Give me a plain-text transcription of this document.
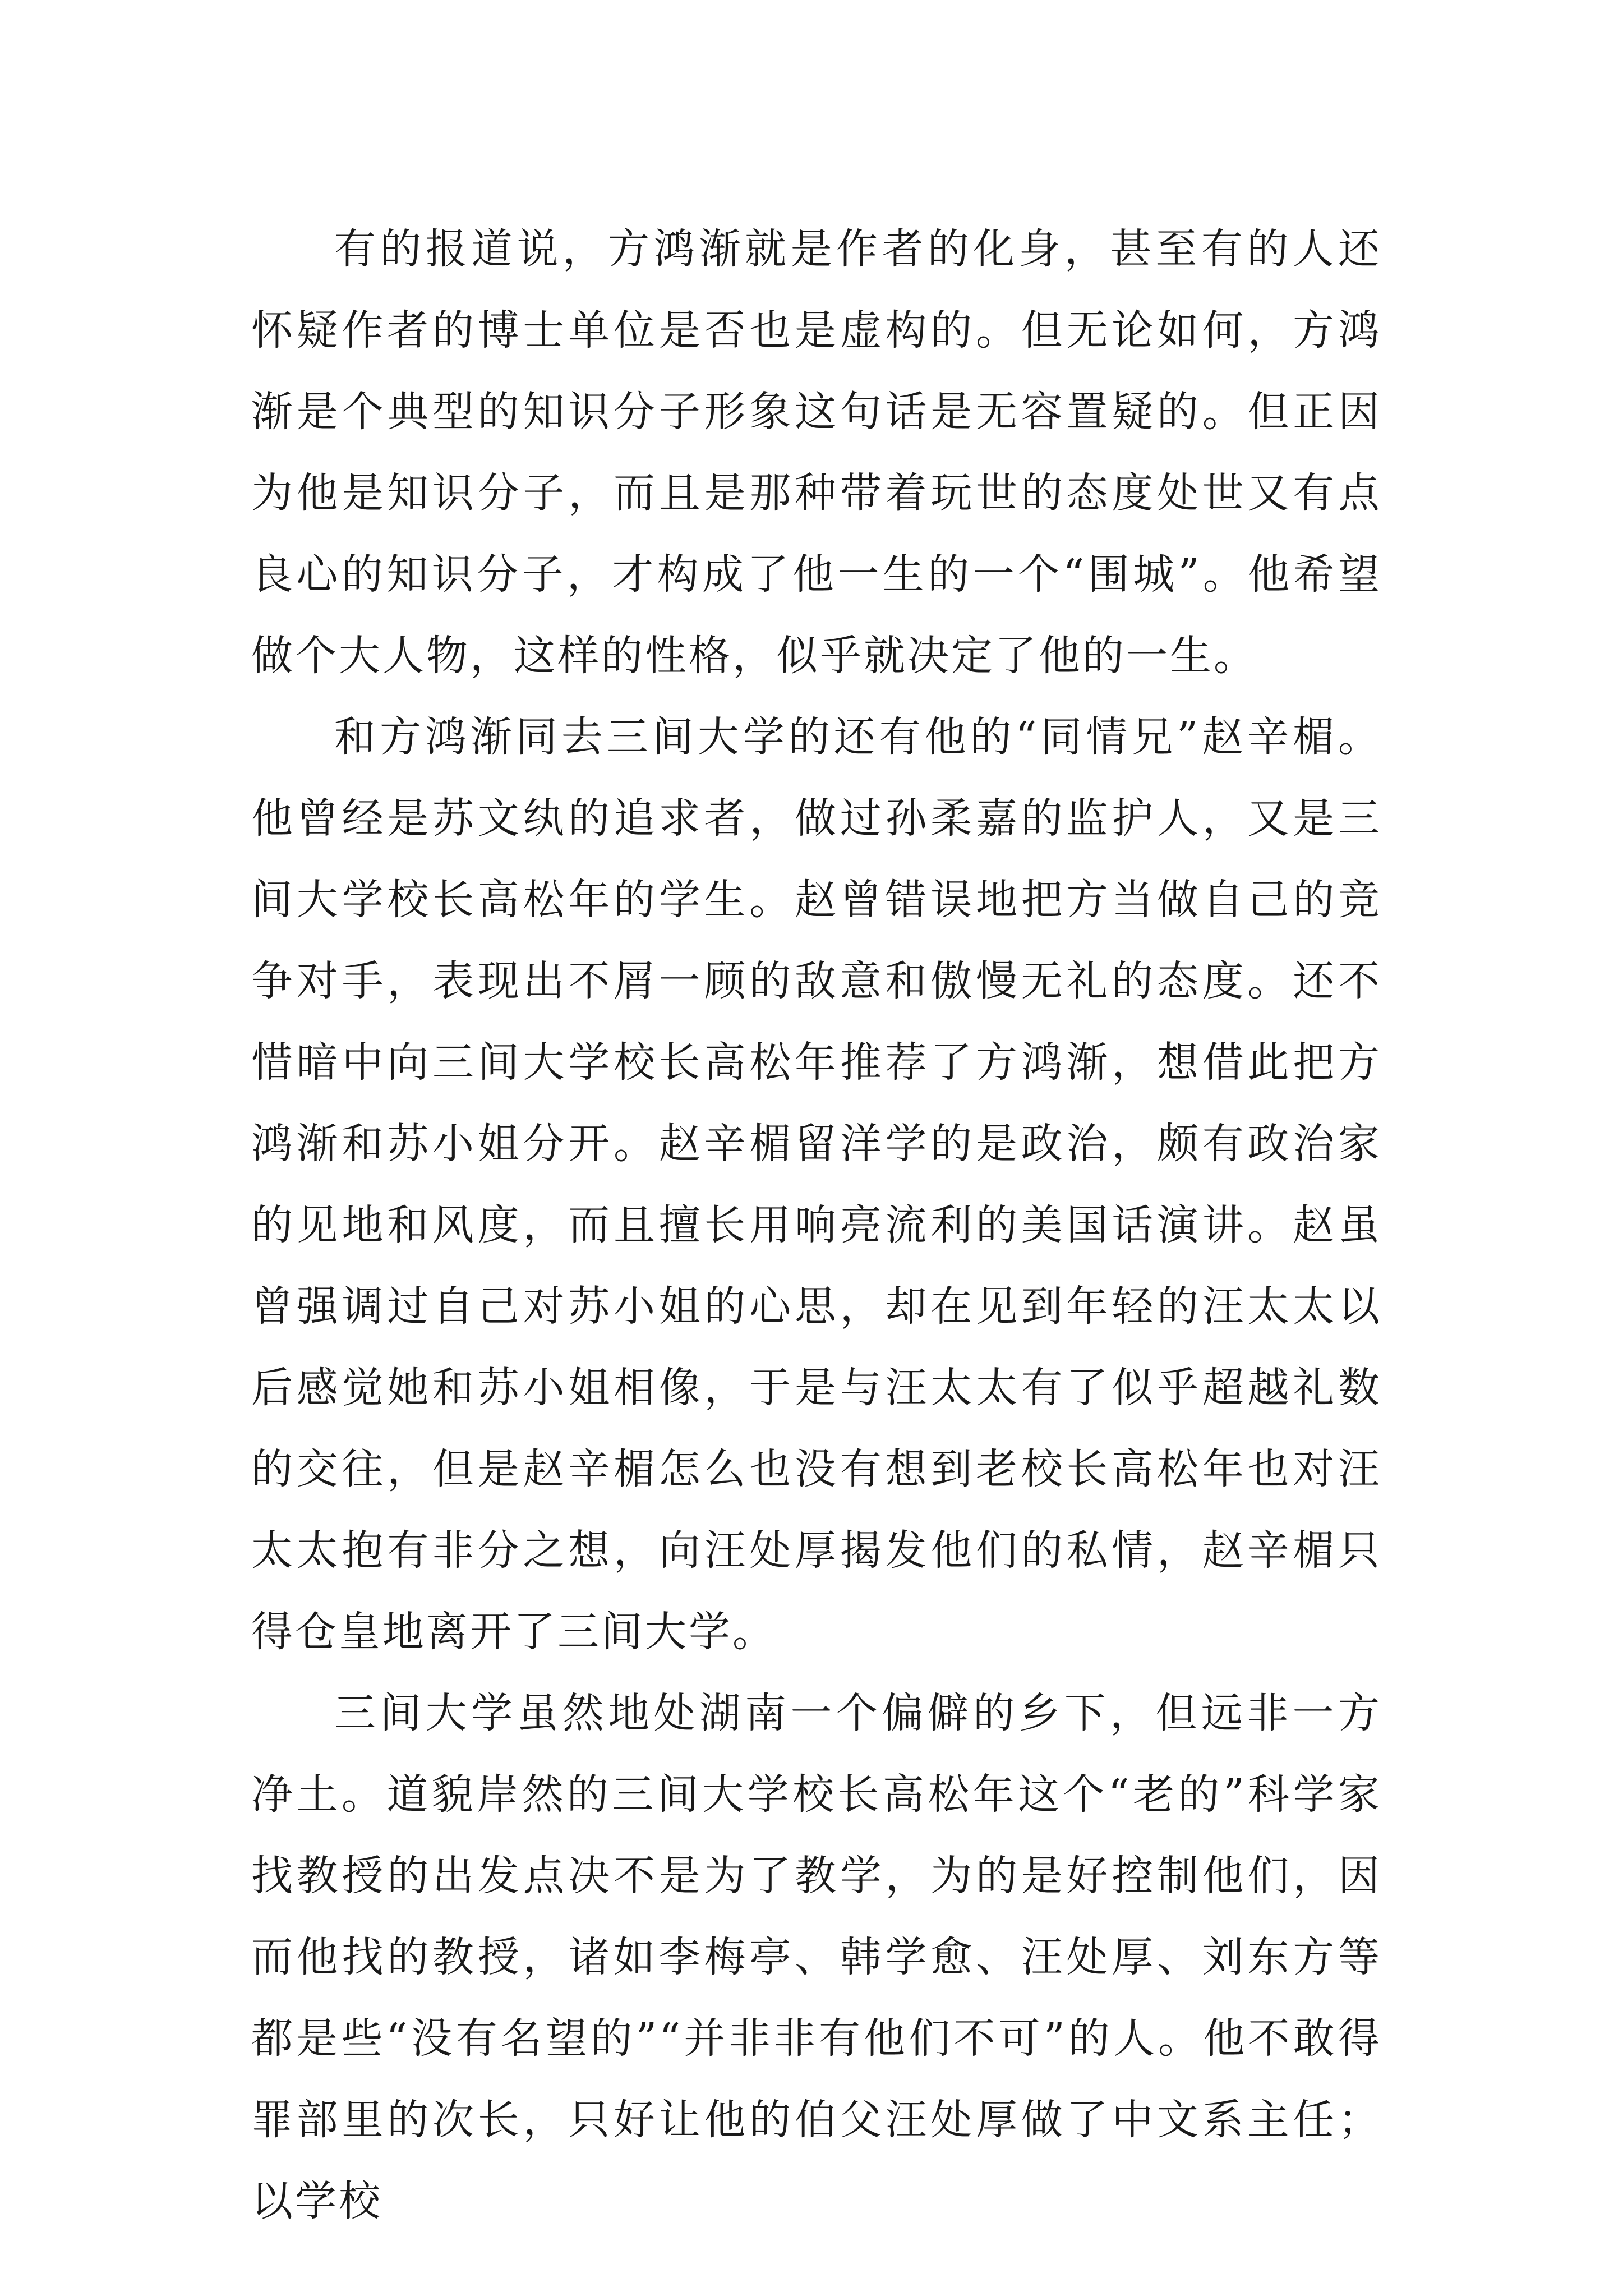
有的报道说，方鸿渐就是作者的化身，甚至有的人还怀疑作者的博士单位是否也是虚构的。但无论如何，方鸿渐是个典型的知识分子形象这句话是无容置疑的。但正因为他是知识分子，而且是那种带着玩世的态度处世又有点良心的知识分子，才构成了他一生的一个“围城”。他希望做个大人物，这样的性格，似乎就决定了他的一生。

和方鸿渐同去三间大学的还有他的“同情兄”赵辛楣。他曾经是苏文纨的追求者，做过孙柔嘉的监护人，又是三间大学校长高松年的学生。赵曾错误地把方当做自己的竞争对手，表现出不屑一顾的敌意和傲慢无礼的态度。还不惜暗中向三间大学校长高松年推荐了方鸿渐，想借此把方鸿渐和苏小姐分开。赵辛楣留洋学的是政治，颇有政治家的见地和风度，而且擅长用响亮流利的美国话演讲。赵虽曾强调过自己对苏小姐的心思，却在见到年轻的汪太太以后感觉她和苏小姐相像，于是与汪太太有了似乎超越礼数的交往，但是赵辛楣怎么也没有想到老校长高松年也对汪太太抱有非分之想，向汪处厚揭发他们的私情，赵辛楣只得仓皇地离开了三间大学。

三间大学虽然地处湖南一个偏僻的乡下，但远非一方净土。道貌岸然的三间大学校长高松年这个“老的”科学家找教授的出发点决不是为了教学，为的是好控制他们，因而他找的教授，诸如李梅亭、韩学愈、汪处厚、刘东方等都是些“没有名望的”“并非非有他们不可”的人。他不敢得罪部里的次长，只好让他的伯父汪处厚做了中文系主任；以学校
